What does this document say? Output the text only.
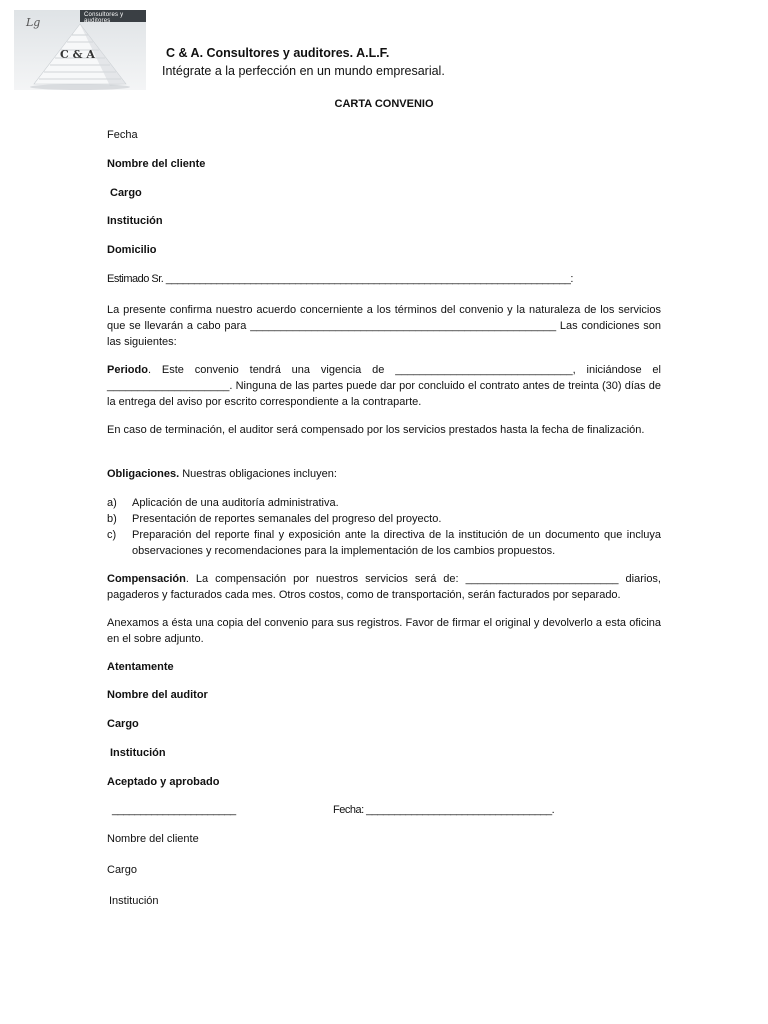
Consultores y auditores
Lg
C & A	C & A. Consultores y auditores. A.L.F.
Intégrate a la perfección en un mundo empresarial.
CARTA CONVENIO
Fecha
Nombre del cliente
Cargo
Institución
Domicilio
Estimado Sr. ________________________________________________________________________:
La presente confirma nuestro acuerdo concerniente a los términos del convenio y la naturaleza de los servicios que se llevarán a cabo para __________________________________________________ Las condiciones son las siguientes:
Periodo. Este convenio tendrá una vigencia de _____________________________, iniciándose el ____________________. Ninguna de las partes puede dar por concluido el contrato antes de treinta (30) días de la entrega del aviso por escrito correspondiente a la contraparte.
En caso de terminación, el auditor será compensado por los servicios prestados hasta la fecha de finalización.
Obligaciones. Nuestras obligaciones incluyen:
a)	Aplicación de una auditoría administrativa.
b)	Presentación de reportes semanales del progreso del proyecto.
c)	Preparación del reporte final y exposición ante la directiva de la institución de un documento que incluya observaciones y recomendaciones para la implementación de los cambios propuestos.
Compensación. La compensación por nuestros servicios será de: _________________________ diarios, pagaderos y facturados cada mes. Otros costos, como de transportación, serán facturados por separado.
Anexamos a ésta una copia del convenio para sus registros. Favor de firmar el original y devolverlo a esta oficina en el sobre adjunto.
Atentamente
Nombre del auditor
Cargo
Institución
Aceptado y aprobado
______________________	Fecha: _________________________________.
Nombre del cliente
Cargo
Institución
